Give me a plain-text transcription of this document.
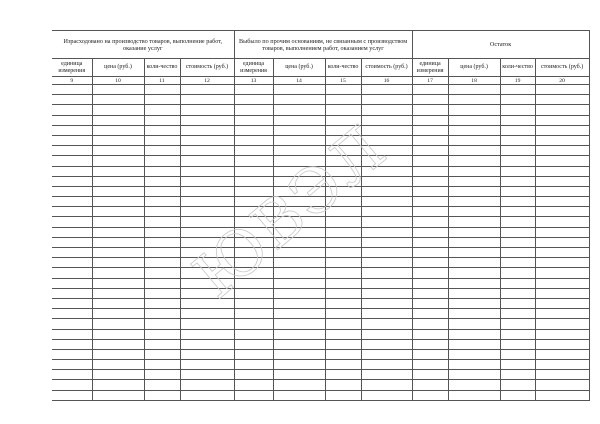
Израсходовано на производство товаров, выполнение работ, оказание услуг				Выбыло по прочим основаниям, не связанным с производством товаров, выполнением работ, оказанием услуг				Остаток			
единица измерения	цена (руб.)	коли-чество	стоимость (руб.)	единица измерения	цена (руб.)	коли-чество	стоимость (руб.)	единица измерения	цена (руб.)	коли-чество	стоимость (руб.)
9	10	11	12	13	14	15	16	17	18	19	20

ЮВЭЛ
